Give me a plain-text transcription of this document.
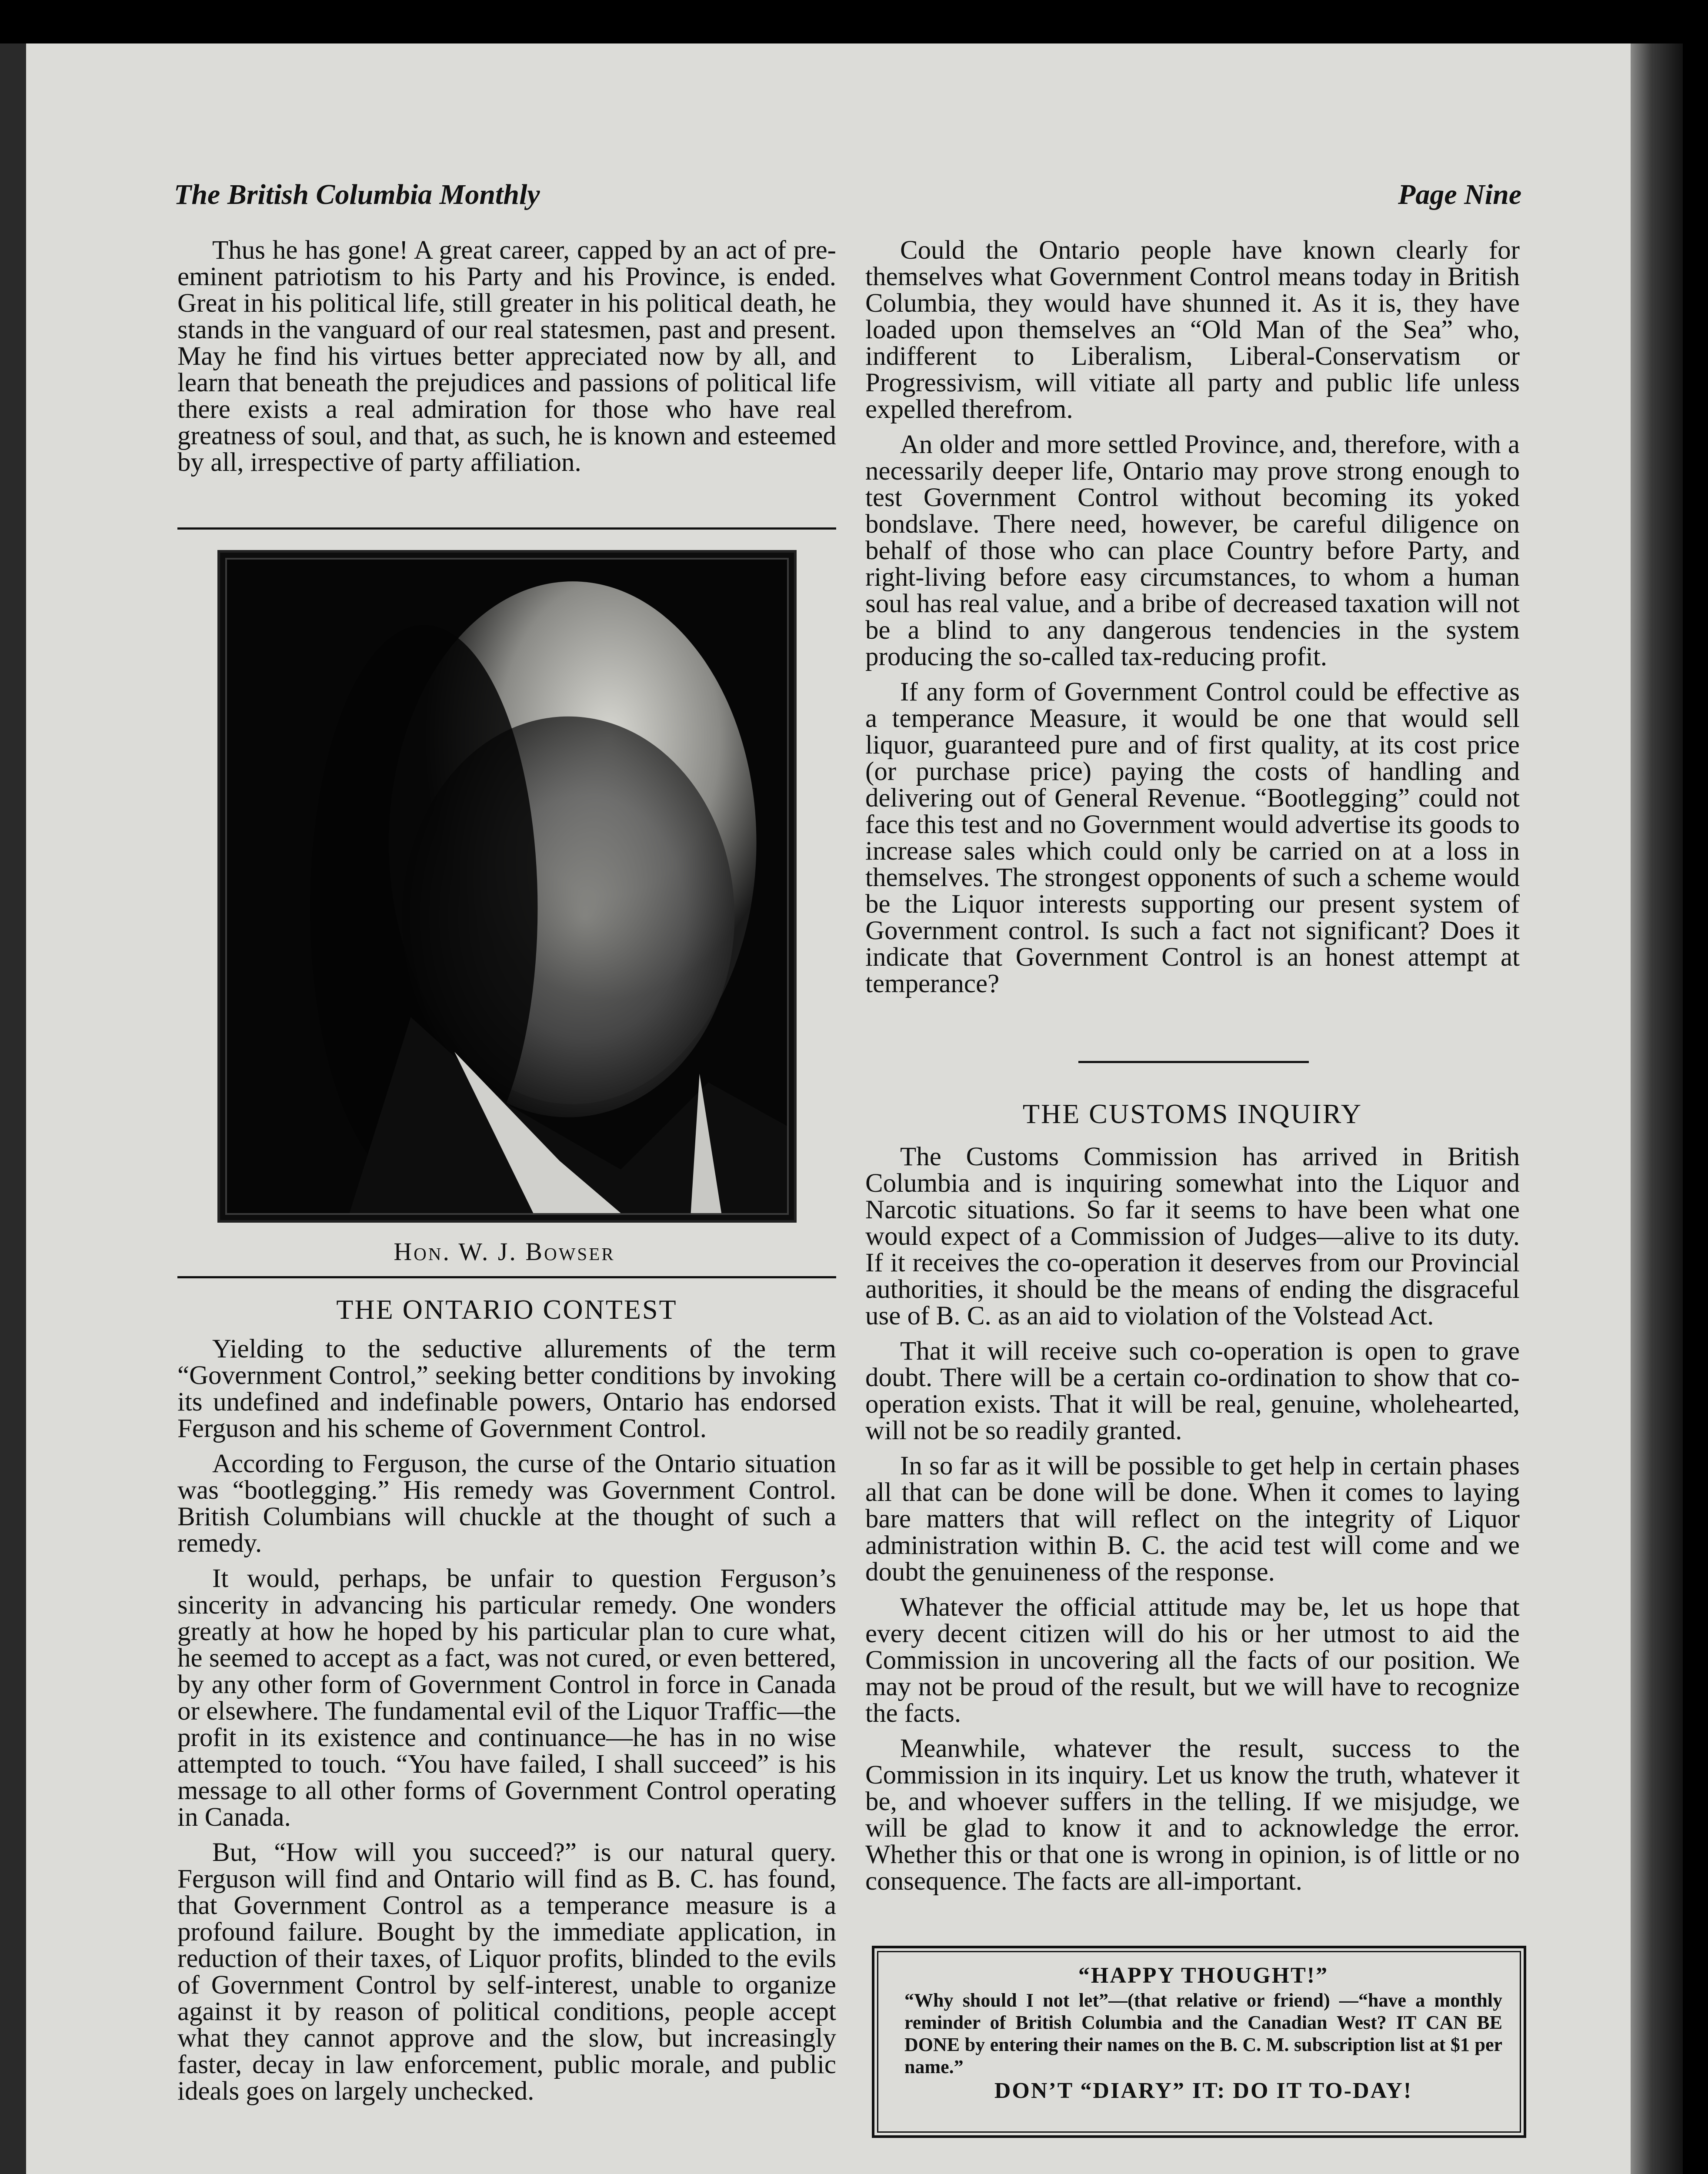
The British Columbia Monthly	Page Nine

Thus he has gone! A great career, capped by an act of pre-eminent patriotism to his Party and his Province, is ended. Great in his political life, still greater in his political death, he stands in the vanguard of our real statesmen, past and present. May he find his virtues better appreciated now by all, and learn that beneath the prejudices and passions of political life there exists a real admiration for those who have real greatness of soul, and that, as such, he is known and esteemed by all, irrespective of party affiliation.

Hon. W. J. Bowser
THE ONTARIO CONTEST

Yielding to the seductive allurements of the term “Government Control,” seeking better conditions by invoking its undefined and indefinable powers, Ontario has endorsed Ferguson and his scheme of Government Control.

According to Ferguson, the curse of the Ontario situation was “bootlegging.” His remedy was Government Control. British Columbians will chuckle at the thought of such a remedy.

It would, perhaps, be unfair to question Ferguson’s sincerity in advancing his particular remedy. One wonders greatly at how he hoped by his particular plan to cure what, he seemed to accept as a fact, was not cured, or even bettered, by any other form of Government Control in force in Canada or elsewhere. The fundamental evil of the Liquor Traffic—the profit in its existence and continuance—he has in no wise attempted to touch. “You have failed, I shall succeed” is his message to all other forms of Government Control operating in Canada.

But, “How will you succeed?” is our natural query. Ferguson will find and Ontario will find as B. C. has found, that Government Control as a temperance measure is a profound failure. Bought by the immediate application, in reduction of their taxes, of Liquor profits, blinded to the evils of Government Control by self-interest, unable to organize against it by reason of political conditions, people accept what they cannot approve and the slow, but increasingly faster, decay in law enforcement, public morale, and public ideals goes on largely unchecked.

Could the Ontario people have known clearly for themselves what Government Control means today in British Columbia, they would have shunned it. As it is, they have loaded upon themselves an “Old Man of the Sea” who, indifferent to Liberalism, Liberal-Conservatism or Progressivism, will vitiate all party and public life unless expelled therefrom.

An older and more settled Province, and, therefore, with a necessarily deeper life, Ontario may prove strong enough to test Government Control without becoming its yoked bondslave. There need, however, be careful diligence on behalf of those who can place Country before Party, and right-living before easy circumstances, to whom a human soul has real value, and a bribe of decreased taxation will not be a blind to any dangerous tendencies in the system producing the so-called tax-reducing profit.

If any form of Government Control could be effective as a temperance Measure, it would be one that would sell liquor, guaranteed pure and of first quality, at its cost price (or purchase price) paying the costs of handling and delivering out of General Revenue. “Bootlegging” could not face this test and no Government would advertise its goods to increase sales which could only be carried on at a loss in themselves. The strongest opponents of such a scheme would be the Liquor interests supporting our present system of Government control. Is such a fact not significant? Does it indicate that Government Control is an honest attempt at temperance?

THE CUSTOMS INQUIRY

The Customs Commission has arrived in British Columbia and is inquiring somewhat into the Liquor and Narcotic situations. So far it seems to have been what one would expect of a Commission of Judges—alive to its duty. If it receives the co-operation it deserves from our Provincial authorities, it should be the means of ending the disgraceful use of B. C. as an aid to violation of the Volstead Act.

That it will receive such co-operation is open to grave doubt. There will be a certain co-ordination to show that co-operation exists. That it will be real, genuine, wholehearted, will not be so readily granted.

In so far as it will be possible to get help in certain phases all that can be done will be done. When it comes to laying bare matters that will reflect on the integrity of Liquor administration within B. C. the acid test will come and we doubt the genuineness of the response.

Whatever the official attitude may be, let us hope that every decent citizen will do his or her utmost to aid the Commission in uncovering all the facts of our position. We may not be proud of the result, but we will have to recognize the facts.

Meanwhile, whatever the result, success to the Commission in its inquiry. Let us know the truth, whatever it be, and whoever suffers in the telling. If we misjudge, we will be glad to know it and to acknowledge the error. Whether this or that one is wrong in opinion, is of little or no consequence. The facts are all-important.

“HAPPY THOUGHT!”
“Why should I not let”—(that relative or friend) —“have a monthly reminder of British Columbia and the Canadian West? IT CAN BE DONE by entering their names on the B. C. M. subscription list at $1 per name.”
DON’T “DIARY” IT: DO IT TO-DAY!
